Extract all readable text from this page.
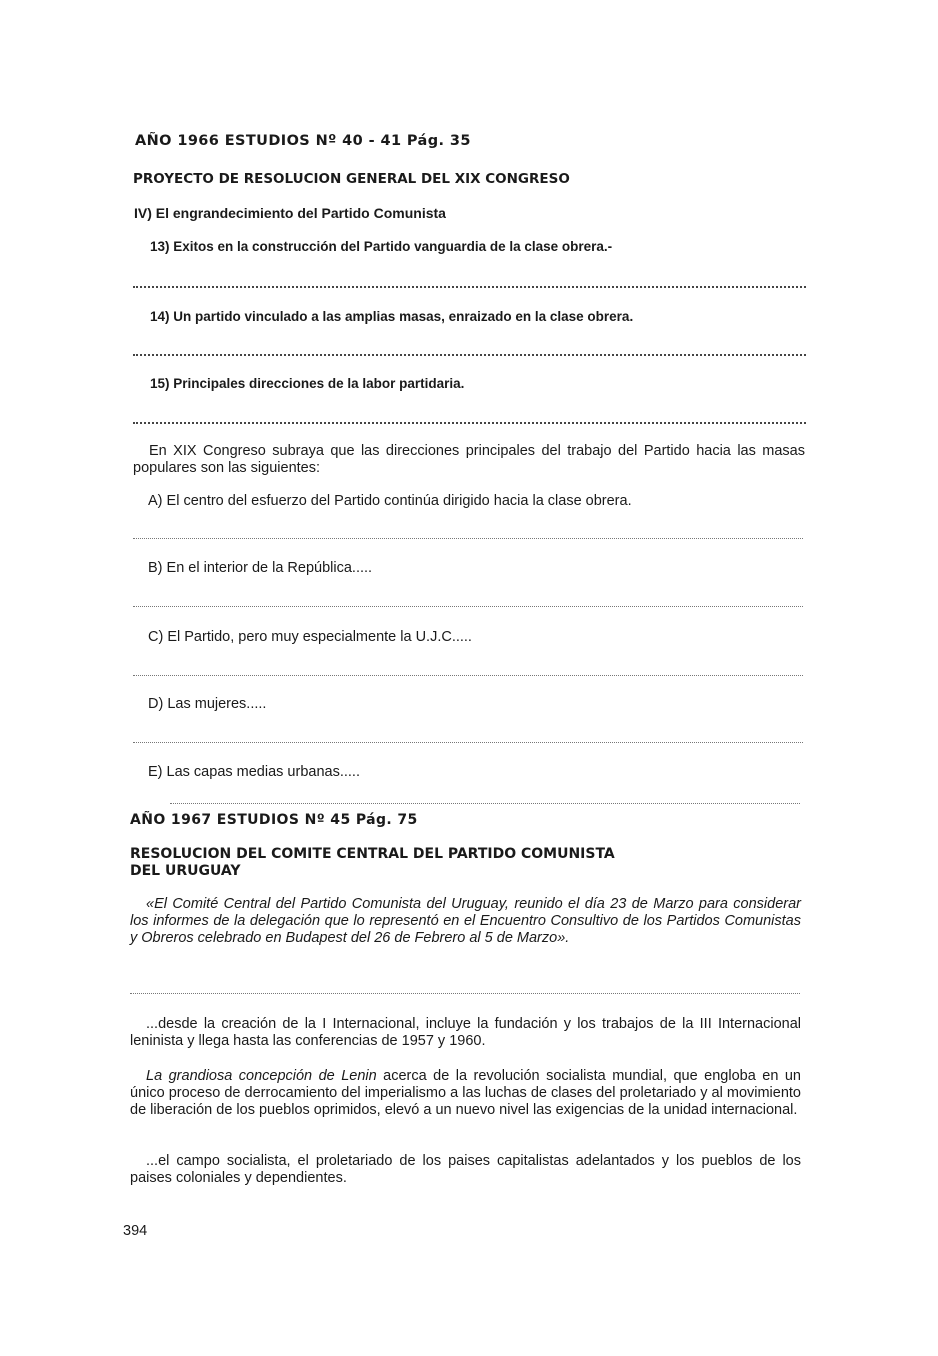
AÑO 1966 ESTUDIOS Nº 40 - 41 Pág. 35
PROYECTO DE RESOLUCION GENERAL DEL XIX CONGRESO
IV) El engrandecimiento del Partido Comunista
13) Exitos en la construcción del Partido vanguardia de la clase obrera.-
14) Un partido vinculado a las amplias masas, enraizado en la clase obrera.
15) Principales direcciones de la labor partidaria.
En XIX Congreso subraya que las direcciones principales del trabajo del Partido hacia las masas populares son las siguientes:
A) El centro del esfuerzo del Partido continúa dirigido hacia la clase obrera.
B) En el interior de la República.....
C) El Partido, pero muy especialmente la U.J.C.....
D) Las mujeres.....
E) Las capas medias urbanas.....
AÑO 1967 ESTUDIOS Nº 45 Pág. 75
RESOLUCION DEL COMITE CENTRAL DEL PARTIDO COMUNISTA
DEL URUGUAY
«El Comité Central del Partido Comunista del Uruguay, reunido el día 23 de Marzo para considerar los informes de la delegación que lo representó en el Encuentro Consultivo de los Partidos Comunistas y Obreros celebrado en Budapest del 26 de Febrero al 5 de Marzo».
...desde la creación de la I Internacional, incluye la fundación y los trabajos de la III Internacional leninista y llega hasta las conferencias de 1957 y 1960.
La grandiosa concepción de Lenin acerca de la revolución socialista mundial, que engloba en un único proceso de derrocamiento del imperialismo a las luchas de clases del proletariado y al movimiento de liberación de los pueblos oprimidos, elevó a un nuevo nivel las exigencias de la unidad internacional.
...el campo socialista, el proletariado de los paises capitalistas adelantados y los pueblos de los paises coloniales y dependientes.
394
